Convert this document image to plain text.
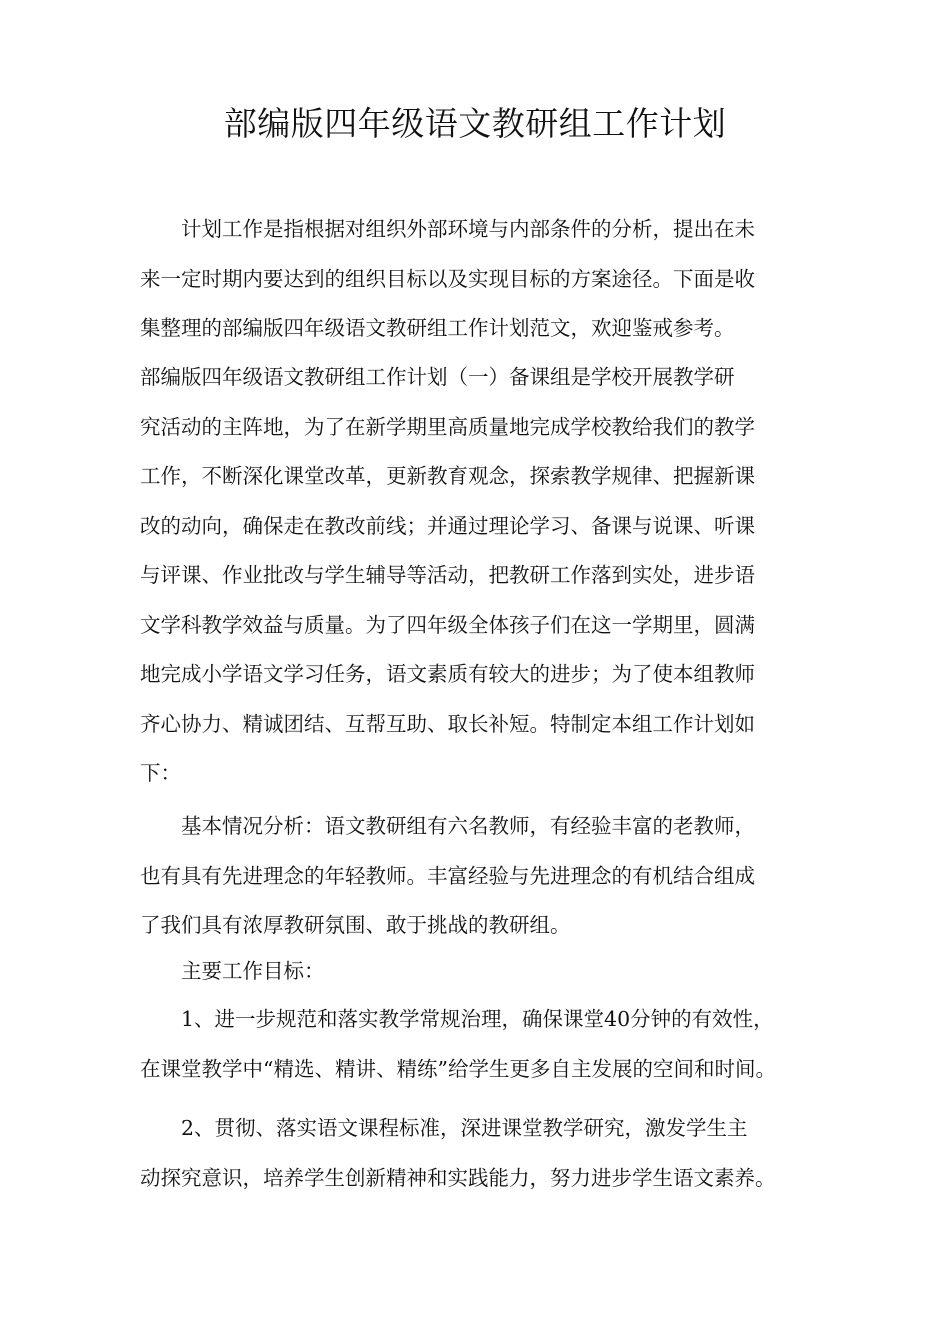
部编版四年级语文教研组工作计划

　　计划工作是指根据对组织外部环境与内部条件的分析，提出在未
来一定时期内要达到的组织目标以及实现目标的方案途径。下面是收
集整理的部编版四年级语文教研组工作计划范文，欢迎鉴戒参考。

部编版四年级语文教研组工作计划（一）备课组是学校开展教学研
究活动的主阵地，为了在新学期里高质量地完成学校教给我们的教学
工作，不断深化课堂改革，更新教育观念，探索教学规律、把握新课
改的动向，确保走在教改前线；并通过理论学习、备课与说课、听课
与评课、作业批改与学生辅导等活动，把教研工作落到实处，进步语
文学科教学效益与质量。为了四年级全体孩子们在这一学期里，圆满
地完成小学语文学习任务，语文素质有较大的进步；为了使本组教师
齐心协力、精诚团结、互帮互助、取长补短。特制定本组工作计划如
下：

　　基本情况分析：语文教研组有六名教师，有经验丰富的老教师，
也有具有先进理念的年轻教师。丰富经验与先进理念的有机结合组成
了我们具有浓厚教研氛围、敢于挑战的教研组。

　　主要工作目标：

　　1、进一步规范和落实教学常规治理，确保课堂40分钟的有效性，
在课堂教学中“精选、精讲、精练”给学生更多自主发展的空间和时间。

　　2、贯彻、落实语文课程标准，深进课堂教学研究，激发学生主
动探究意识，培养学生创新精神和实践能力，努力进步学生语文素养。
